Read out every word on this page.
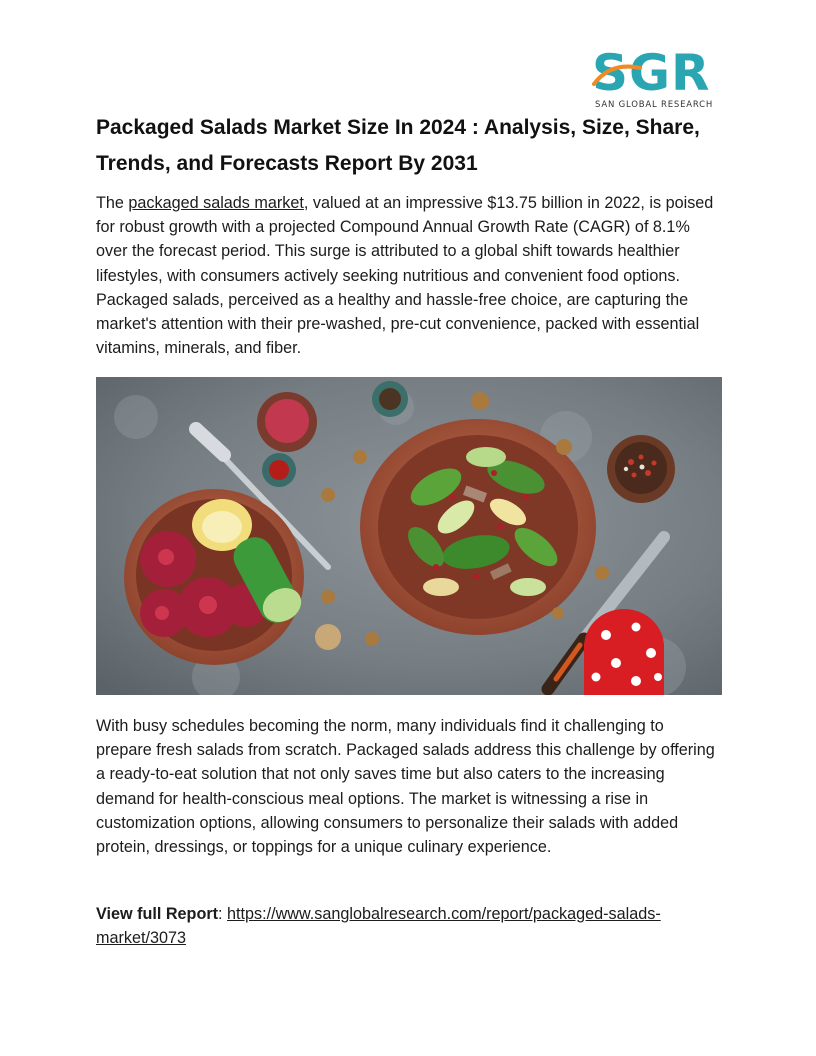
SGR
SAN GLOBAL RESEARCH
Packaged Salads Market Size In 2024 : Analysis, Size, Share, Trends, and Forecasts Report By 2031

The packaged salads market, valued at an impressive $13.75 billion in 2022, is poised for robust growth with a projected Compound Annual Growth Rate (CAGR) of 8.1% over the forecast period. This surge is attributed to a global shift towards healthier lifestyles, with consumers actively seeking nutritious and convenient food options. Packaged salads, perceived as a healthy and hassle-free choice, are capturing the market's attention with their pre-washed, pre-cut convenience, packed with essential vitamins, minerals, and fiber.

With busy schedules becoming the norm, many individuals find it challenging to prepare fresh salads from scratch. Packaged salads address this challenge by offering a ready-to-eat solution that not only saves time but also caters to the increasing demand for health-conscious meal options. The market is witnessing a rise in customization options, allowing consumers to personalize their salads with added protein, dressings, or toppings for a unique culinary experience.

View full Report: https://www.sanglobalresearch.com/report/packaged-salads-market/3073
